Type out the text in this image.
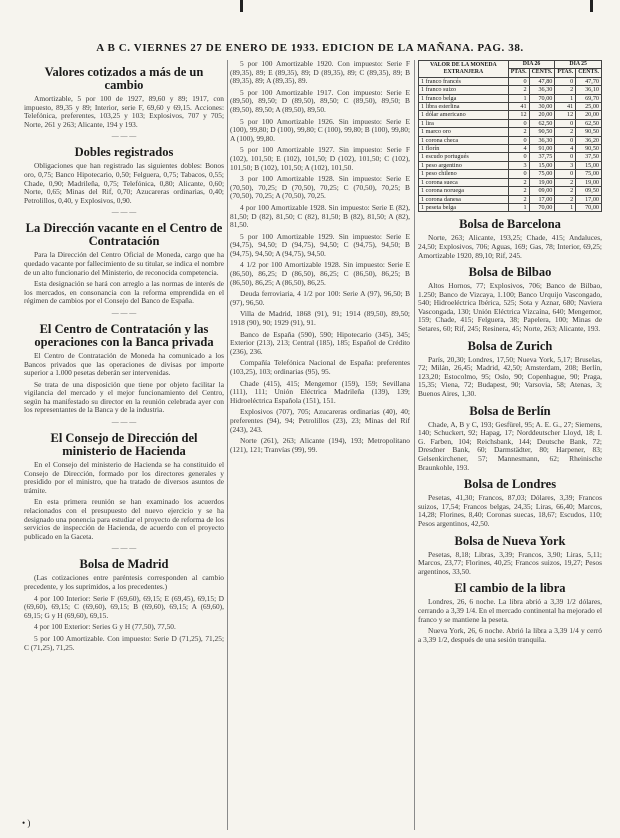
A B C. VIERNES 27 DE ENERO DE 1933. EDICION DE LA MAÑANA. PAG. 38.
Valores cotizados a más de un cambio

Amortizable, 5 por 100 de 1927, 89,60 y 89; 1917, con impuesto, 89,35 y 89; Interior, serie F, 69,60 y 69,15. Acciones: Telefónica, preferentes, 103,25 y 103; Explosivos, 707 y 705; Norte, 261 y 263; Alicante, 194 y 193.

— — —
Dobles registrados

Obligaciones que han registrado las siguientes dobles: Bonos oro, 0,75; Banco Hipotecario, 0,50; Felguera, 0,75; Tabacos, 0,55; Chade, 0,90; Madrileña, 0,75; Telefónica, 0,80; Alicante, 0,60; Norte, 0,65; Minas del Rif, 0,70; Azucareras ordinarias, 0,40; Petrolillos, 0,40, y Explosivos, 0,90.

— — —
La Dirección vacante en el Centro de Contratación

Para la Dirección del Centro Oficial de Moneda, cargo que ha quedado vacante por fallecimiento de su titular, se indica el nombre de un alto funcionario del Ministerio, de reconocida competencia.

Esta designación se hará con arreglo a las normas de interés de los mercados, en consonancia con la reforma emprendida en el régimen de cambios por el Consejo del Banco de España.

— — —
El Centro de Contratación y las operaciones con la Banca privada

El Centro de Contratación de Moneda ha comunicado a los Bancos privados que las operaciones de divisas por importe superior a 1.000 pesetas deberán ser intervenidas.

Se trata de una disposición que tiene por objeto facilitar la vigilancia del mercado y el mejor funcionamiento del Centro, según ha manifestado su director en la reunión celebrada ayer con los representantes de la Banca y de la industria.

— — —
El Consejo de Dirección del ministerio de Hacienda

En el Consejo del ministerio de Hacienda se ha constituido el Consejo de Dirección, formado por los directores generales y presidido por el ministro, que ha tratado de diversos asuntos de trámite.

En esta primera reunión se han examinado los acuerdos relacionados con el presupuesto del nuevo ejercicio y se ha designado una ponencia para estudiar el proyecto de reforma de los servicios de inspección de Hacienda, de acuerdo con el proyecto publicado en la Gaceta.

— — —
Bolsa de Madrid

(Las cotizaciones entre paréntesis corresponden al cambio precedente, y los suprimidos, a los precedentes.)

4 por 100 Interior: Serie F (69,60), 69,15; E (69,45), 69,15; D (69,60), 69,15; C (69,60), 69,15; B (69,60), 69,15; A (69,60), 69,15; G y H (69,60), 69,15.

4 por 100 Exterior: Series G y H (77,50), 77,50.

5 por 100 Amortizable. Con impuesto: Serie D (71,25), 71,25; C (71,25), 71,25.

5 por 100 Amortizable 1920. Con impuesto: Serie F (89,35), 89; E (89,35), 89; D (89,35), 89; C (89,35), 89; B (89,35), 89; A (89,35), 89.

5 por 100 Amortizable 1917. Con impuesto: Serie E (89,50), 89,50; D (89,50), 89,50; C (89,50), 89,50; B (89,50), 89,50; A (89,50), 89,50.

5 por 100 Amortizable 1926. Sin impuesto: Serie E (100), 99,80; D (100), 99,80; C (100), 99,80; B (100), 99,80; A (100), 99,80.

5 por 100 Amortizable 1927. Sin impuesto: Serie F (102), 101,50; E (102), 101,50; D (102), 101,50; C (102), 101,50; B (102), 101,50; A (102), 101,50.

3 por 100 Amortizable 1928. Sin impuesto: Serie E (70,50), 70,25; D (70,50), 70,25; C (70,50), 70,25; B (70,50), 70,25; A (70,50), 70,25.

4 por 100 Amortizable 1928. Sin impuesto: Serie E (82), 81,50; D (82), 81,50; C (82), 81,50; B (82), 81,50; A (82), 81,50.

5 por 100 Amortizable 1929. Sin impuesto: Serie E (94,75), 94,50; D (94,75), 94,50; C (94,75), 94,50; B (94,75), 94,50; A (94,75), 94,50.

4 1/2 por 100 Amortizable 1928. Sin impuesto: Serie E (86,50), 86,25; D (86,50), 86,25; C (86,50), 86,25; B (86,50), 86,25; A (86,50), 86,25.

Deuda ferroviaria, 4 1/2 por 100: Serie A (97), 96,50; B (97), 96,50.

Villa de Madrid, 1868 (91), 91; 1914 (89,50), 89,50; 1918 (90), 90; 1929 (91), 91.

Banco de España (590), 590; Hipotecario (345), 345; Exterior (213), 213; Central (185), 185; Español de Crédito (236), 236.

Compañía Telefónica Nacional de España: preferentes (103,25), 103; ordinarias (95), 95.

Chade (415), 415; Mengemor (159), 159; Sevillana (111), 111; Unión Eléctrica Madrileña (139), 139; Hidroeléctrica Española (151), 151.

Explosivos (707), 705; Azucareras ordinarias (40), 40; preferentes (94), 94; Petrolillos (23), 23; Minas del Rif (243), 243.

Norte (261), 263; Alicante (194), 193; Metropolitano (121), 121; Tranvías (99), 99.

VALOR DE LA MONEDA EXTRANJERA	DIA 26		DIA 25	
	PTAS.	CENTS.	PTAS.	CENTS.
1 franco francés	0	47,80	0	47,70
1 franco suizo	2	36,30	2	36,10
1 franco belga	1	70,00	1	69,70
1 libra esterlina	41	30,00	41	25,00
1 dólar americano	12	20,00	12	20,00
1 lira	0	62,50	0	62,50
1 marco oro	2	90,50	2	90,50
1 corona checa	0	36,30	0	36,20
1 florín	4	91,00	4	90,50
1 escudo portugués	0	37,75	0	37,50
1 peso argentino	3	15,00	3	15,00
1 peso chileno	0	75,00	0	75,00
1 corona sueca	2	19,00	2	19,00
1 corona noruega	2	09,00	2	09,50
1 corona danesa	2	17,00	2	17,00
1 peseta belga	1	70,00	1	70,00
Bolsa de Barcelona

Norte, 263; Alicante, 193,25; Chade, 415; Andaluces, 24,50; Explosivos, 706; Aguas, 169; Gas, 78; Interior, 69,25; Amortizable 1920, 89,10; Rif, 245.

Bolsa de Bilbao

Altos Hornos, 77; Explosivos, 706; Banco de Bilbao, 1.250; Banco de Vizcaya, 1.100; Banco Urquijo Vascongado, 540; Hidroeléctrica Ibérica, 525; Sota y Aznar, 680; Naviera Vascongada, 130; Unión Eléctrica Vizcaína, 640; Mengemor, 159; Chade, 415; Felguera, 38; Papelera, 100; Minas de Setares, 60; Rif, 245; Resinera, 45; Norte, 263; Alicante, 193.

Bolsa de Zurich

París, 20,30; Londres, 17,50; Nueva York, 5,17; Bruselas, 72; Milán, 26,45; Madrid, 42,50; Amsterdam, 208; Berlín, 123,20; Estocolmo, 95; Oslo, 90; Copenhague, 90; Praga, 15,35; Viena, 72; Budapest, 90; Varsovia, 58; Atenas, 3; Buenos Aires, 1,30.

Bolsa de Berlín

Chade, A, B y C, 193; Gesfürel, 95; A. E. G., 27; Siemens, 140; Schuckert, 92; Hapag, 17; Norddeutscher Lloyd, 18; I. G. Farben, 104; Reichsbank, 144; Deutsche Bank, 72; Dresdner Bank, 60; Darmstädter, 80; Harpener, 83; Gelsenkirchener, 57; Mannesmann, 62; Rheinische Braunkohle, 193.

Bolsa de Londres

Pesetas, 41,30; Francos, 87,03; Dólares, 3,39; Francos suizos, 17,54; Francos belgas, 24,35; Liras, 66,40; Marcos, 14,28; Florines, 8,40; Coronas suecas, 18,67; Escudos, 110; Pesos argentinos, 42,50.

Bolsa de Nueva York

Pesetas, 8,18; Libras, 3,39; Francos, 3,90; Liras, 5,11; Marcos, 23,77; Florines, 40,25; Francos suizos, 19,27; Pesos argentinos, 33,50.

El cambio de la libra

Londres, 26, 6 noche. La libra abrió a 3,39 1/2 dólares, cerrando a 3,39 1/4. En el mercado continental ha mejorado el franco y se mantiene la peseta.

Nueva York, 26, 6 noche. Abrió la libra a 3,39 1/4 y cerró a 3,39 1/2, después de una sesión tranquila.

• )
